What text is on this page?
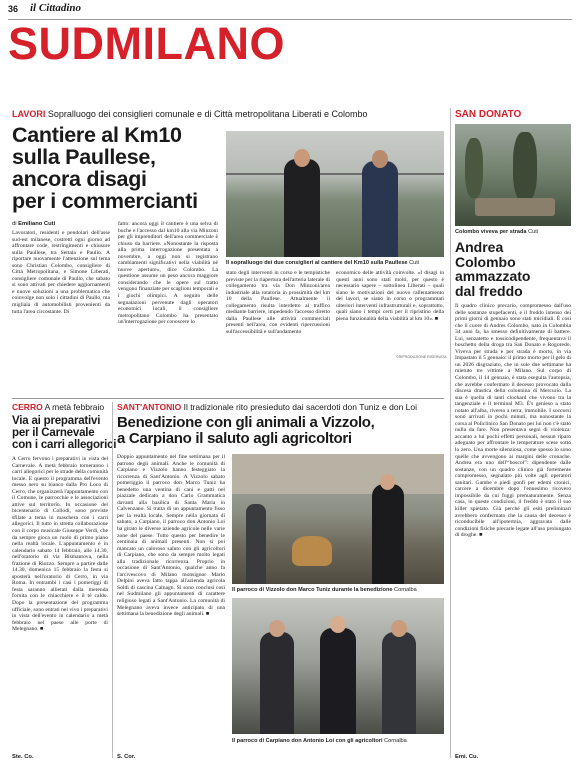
36 il Cittadino
SUDMILANO
LAVORI Sopralluogo dei consiglieri comunale e di Città metropolitana Liberati e Colombo
Cantiere al Km10
sulla Paullese,
ancora disagi
per i commercianti
Il sopralluogo dei due consiglieri al cantiere del Km10 sulla Paullese Cuti
di Emiliano Cuti
Lavoratori, residenti e pendolari dell'asse sud-est milanese, costretti ogni giorno ad affrontare code, restringimenti e chiusure sulla Paullese, tra Settala e Paullo. A riportare nuovamente l'attenzione sul tema sono Christian Colombo, consigliere di Città Metropolitana, e Simone Liberati, consigliere comunale di Paullo, che sabato si sono attivati per chiedere aggiornamenti e nuove soluzioni a una problematica che coinvolge non solo i cittadini di Paullo, ma migliaia di automobilisti provenienti da tutta l'area circostante. Di
fatto: ancora oggi il cantiere è una selva di buche e l'accesso dal km10 alla via Minzoni per gli imprenditori dell'area commerciale è chiuso da barriere. «Nonostante la risposta alla prima interrogazione presentata a novembre, a oggi non si registrano cambiamenti significativi nella viabilità né nuove aperture», dice Colombo. La questione assume un peso ancora maggiore considerando che le opere sul tratto vengono finanziate per scaglioni temporali e i giochi olimpici. A seguito delle segnalazioni pervenute dagli operatori economici locali, il consigliere metropolitano Colombo ha presentato un'interrogazione per conoscere lo
stato degli interventi in corso e le tempistiche previste per la riapertura dell'arteria laterale di collegamento tra via Don Minzoni/area industriale alla rotatoria in prossimità del km 10 della Paullese. Attualmente il collegamento risulta interdetto al traffico mediante barriere, impedendo l'accesso diretto dalla Paullese alle attività commerciali presenti nell'area, con evidenti ripercussioni sull'accessibilità e sull'andamento
economico delle attività coinvolte. «I disagi in questi anni sono stati molti, per questo è necessario sapere – sottolinea Liberati – quali siano le motivazioni del nuovo rallentamento dei lavori, se siano in corso o programmati ulteriori interventi infrastrutturali e, soprattutto, quali siano i tempi certi per il ripristino della piena funzionalità della viabilità al km 10». ■
©RIPRODUZIONE RISERVATA
SAN DONATO
Colombo viveva per strada Cuti
Andrea
Colombo
ammazzato
dal freddo
Il quadro clinico precario, compromesso dall'uso delle sostanze stupefacenti, e il freddo intenso dei primi giorni di gennaio sono stati micidiali. È così che il cuore di Andres Colombo, nato in Colombia 34 anni fa, ha smesso definitivamente di battere. Lui, senzatetto e tossicodipendente, frequentava il boschetto della droga tra San Donato e Rogoredo. Viveva per strada e per strada è morto, in via Impastato il 5 gennaio: il primo morto per il gelo di un 2026 disgraziato, che in sole due settimane ha mietuto tre vittime a Milano. Sul corpo di Colombo, il 14 gennaio, è stata eseguita l'autopsia, che avrebbe confermato il decesso provocato dalla discesa drastica della colonnina di Mercurio. La sua è quella di tanti clochard che vivono tra la tangenziale e il terminal M3. È's genieso a stato notato all'alba, riverso a terra, immobile. I soccorsi sono arrivati in pochi minuti, ma nonostante la corsa al Policlinico San Donato per lui non c'è stato nulla da fare. Non presentava segni di violenza: accanto a lui pochi effetti personali, nessun riparo adeguato per affrontare le temperature scese sotto lo zero. Una morte silenziosa, come spesso lo sono quelle che avvengono ai margini delle cronache. Andrea era uno dell'“boscol”: dipendente dalle sostanze, con un quadro clinico già fortemente compromesso, segnalato più volte agli operatori sanitari. Gambe e piedi gonfi per edemi cronici, carcere a dicembre dopo l'ennesimo ricovero impossibile da cui fuggì prematuramente. Senza casa, in queste condizioni, il freddo è stato il suo killer spietato. Già perché gli esiti preliminari avrebbero confermato che la causa del decesso è riconducibile all'ipotermia, aggravata dalle condizioni fisiche precarie legate all'uso prolungato di droghe. ■
Emi. Cu.
CERRO A metà febbraio
Via ai preparativi
per il Carnevale
con i carri allegorici
A Cerro fervono i preparativi in vista del Carnevale. A metà febbraio torneranno i carri allegorici per le strade della comunità locale. E questo il programma dell'evento messo nero su bianco dalla Pro Loco di Cerro, che organizzerà l'appuntamento con il Comune, le parrocchie e le associazioni attive sul territorio. In occasione del bicentenario di Collodi, sono previste sfilate a tema in maschera con i carri allegorici. Il tutto in stretta collaborazione con il corpo musicale Giuseppe Verdi, che da sempre gioca un ruolo di primo piano nella realtà locale. L'appuntamento è in calendario sabato 14 febbraio, alle 14.30, nell'oratorio di via Bismantova, nella frazione di Riozzo. Sempre a partire dalle 14.30, domenica 15 febbraio la festa si sposterà nell'oratorio di Cerro, in via Roma. In entrambi i casi i pomeriggi di festa saranno allietati dalla merenda fornita con le chiacchiere e il tè caldo. Dopo la presentazione del programma ufficiale, sono entrati nel vivo i preparativi in vista dell'evento in calendario a metà febbraio nel paese alle porte di Melegnano. ■
Ste. Co.
SANT'ANTONIO Il tradizionale rito presieduto dai sacerdoti don Tuniz e don Loi
Benedizione con gli animali a Vizzolo,
a Carpiano il saluto agli agricoltori
Doppio appuntamento nel fine settimana per il patrono degli animali. Anche le comunità di Carpiano e Vizzolo hanno festeggiato la ricorrenza di Sant'Antonio. A Vizzolo sabato pomeriggio il parroco don Marco Tuniz ha benedetto una ventina di cani e gatti nel piazzale dedicato a don Carlo Grammatica davanti alla basilica di Santa Maria in Calvenzano. Si tratta di un appuntamento fisso per la realtà locale. Sempre nella giornata di sabato, a Carpiano, il parroco don Antonio Loi ha girato le diverse aziende agricole nelle varie zone del paese. Tutto questo per benedire le centinaia di animali presenti. Non si poi mancato un caloroso saluto con gli agricoltori di Carpiano, che sono da sempre molto legati alla tradizionale ricorrenza. Proprio in occasione di Sant'Antonio, qualche anno fa l'arcivescovo di Milano monsignor Mario Delpini aveva fatto tappa all'azienda agricola Soldi di cascina Calnagn. Si sono conclusi così nel Sudmilano gli appuntamenti di carattere religioso legati a Sant'Antonio. La comunità di Melegnano aveva invece anticipato di una settimana la benedizione degli animali. ■
S. Cor.
Il parroco di Vizzolo don Marco Tuniz durante la benedizione Cornalba
Il parroco di Carpiano don Antonio Loi con gli agricoltori Cornalba
